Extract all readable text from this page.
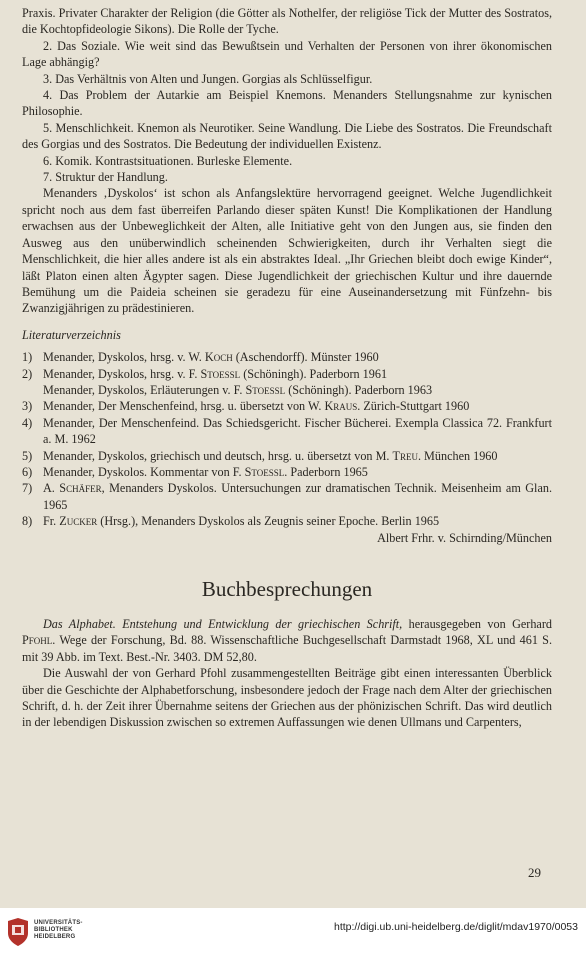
Praxis. Privater Charakter der Religion (die Götter als Nothelfer, der religiöse Tick der Mutter des Sostratos, die Kochtopfideologie Sikons). Die Rolle der Tyche.

2. Das Soziale. Wie weit sind das Bewußtsein und Verhalten der Personen von ihrer ökonomischen Lage abhängig?

3. Das Verhältnis von Alten und Jungen. Gorgias als Schlüsselfigur.

4. Das Problem der Autarkie am Beispiel Knemons. Menanders Stellungsnahme zur kynischen Philosophie.

5. Menschlichkeit. Knemon als Neurotiker. Seine Wandlung. Die Liebe des Sostratos. Die Freundschaft des Gorgias und des Sostratos. Die Bedeutung der individuellen Existenz.

6. Komik. Kontrastsituationen. Burleske Elemente.

7. Struktur der Handlung.

Menanders ‚Dyskolos‘ ist schon als Anfangslektüre hervorragend geeignet. Welche Jugendlichkeit spricht noch aus dem fast überreifen Parlando dieser späten Kunst! Die Komplikationen der Handlung erwachsen aus der Unbeweglichkeit der Alten, alle Initiative geht von den Jungen aus, sie finden den Ausweg aus den unüberwindlich scheinenden Schwierigkeiten, durch ihr Verhalten siegt die Menschlichkeit, die hier alles andere ist als ein abstraktes Ideal. „Ihr Griechen bleibt doch ewige Kinder“, läßt Platon einen alten Ägypter sagen. Diese Jugendlichkeit der griechischen Kultur und ihre dauernde Bemühung um die Paideia scheinen sie geradezu für eine Auseinandersetzung mit Fünfzehn- bis Zwanzigjährigen zu prädestinieren.

Literaturverzeichnis

1) Menander, Dyskolos, hrsg. v. W. Koch (Aschendorff). Münster 1960

2) Menander, Dyskolos, hrsg. v. F. Stoessl (Schöningh). Paderborn 1961

Menander, Dyskolos, Erläuterungen v. F. Stoessl (Schöningh). Paderborn 1963

3) Menander, Der Menschenfeind, hrsg. u. übersetzt von W. Kraus. Zürich-Stuttgart 1960

4) Menander, Der Menschenfeind. Das Schiedsgericht. Fischer Bücherei. Exempla Classica 72. Frankfurt a. M. 1962

5) Menander, Dyskolos, griechisch und deutsch, hrsg. u. übersetzt von M. Treu. München 1960

6) Menander, Dyskolos. Kommentar von F. Stoessl. Paderborn 1965

7) A. Schäfer, Menanders Dyskolos. Untersuchungen zur dramatischen Technik. Meisenheim am Glan. 1965

8) Fr. Zucker (Hrsg.), Menanders Dyskolos als Zeugnis seiner Epoche. Berlin 1965

Albert Frhr. v. Schirnding/München

Buchbesprechungen

Das Alphabet. Entstehung und Entwicklung der griechischen Schrift, herausgegeben von Gerhard Pfohl. Wege der Forschung, Bd. 88. Wissenschaftliche Buchgesellschaft Darmstadt 1968, XL und 461 S. mit 39 Abb. im Text. Best.-Nr. 3403. DM 52,80.

Die Auswahl der von Gerhard Pfohl zusammengestellten Beiträge gibt einen interessanten Überblick über die Geschichte der Alphabetforschung, insbesondere jedoch der Frage nach dem Alter der griechischen Schrift, d. h. der Zeit ihrer Übernahme seitens der Griechen aus der phönizischen Schrift. Das wird deutlich in der lebendigen Diskussion zwischen so extremen Auffassungen wie denen Ullmans und Carpenters,

29
UNIVERSITÄTS-
BIBLIOTHEK
HEIDELBERG
http://digi.ub.uni-heidelberg.de/diglit/mdav1970/0053
